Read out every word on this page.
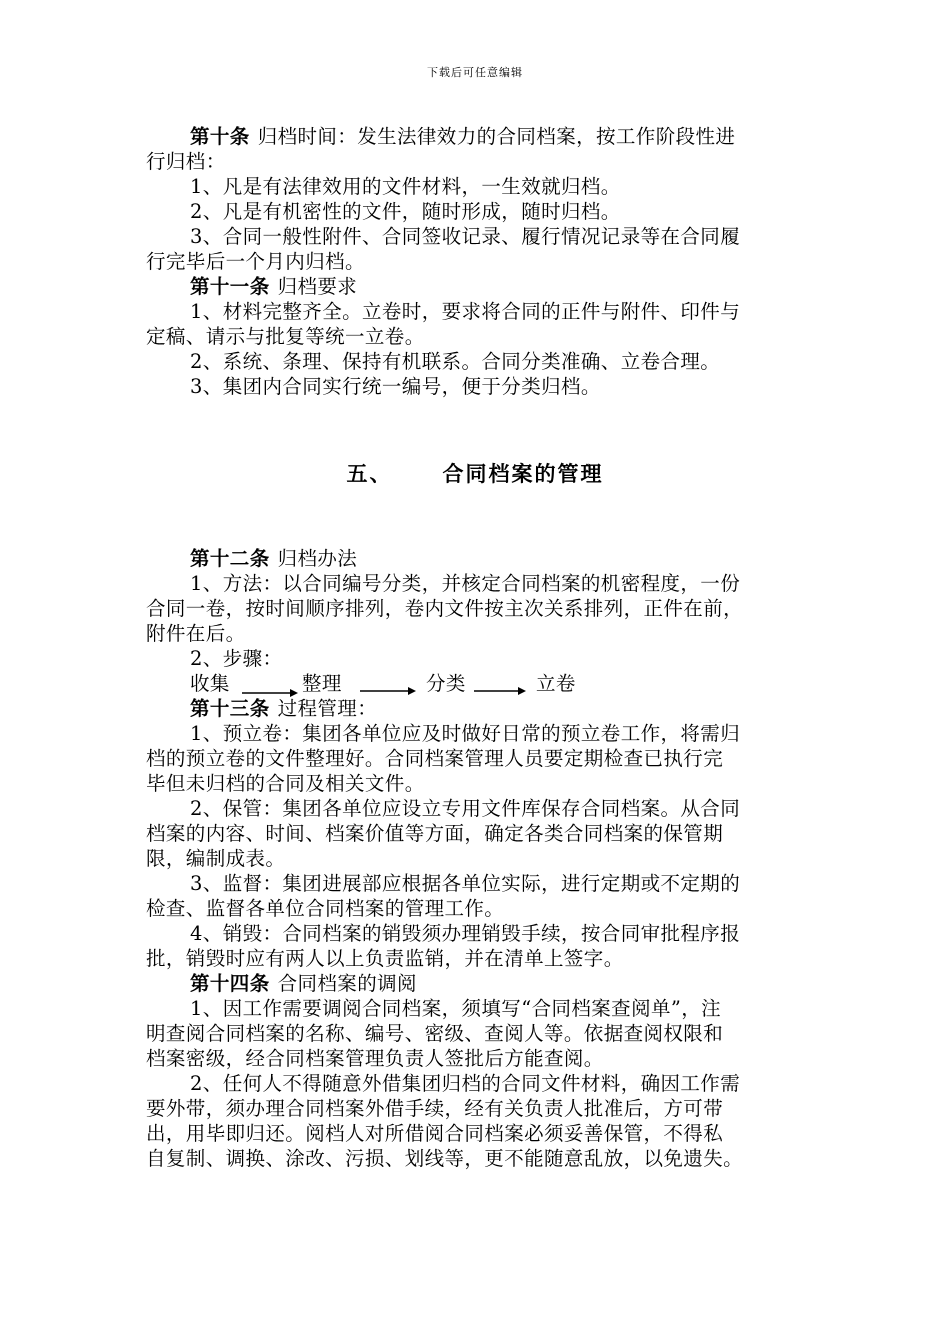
下载后可任意编辑

第十条 归档时间：发生法律效力的合同档案，按工作阶段性进
行归档：

1、凡是有法律效用的文件材料，一生效就归档。

2、凡是有机密性的文件，随时形成，随时归档。

3、合同一般性附件、合同签收记录、履行情况记录等在合同履
行完毕后一个月内归档。

第十一条 归档要求

1、材料完整齐全。立卷时，要求将合同的正件与附件、印件与
定稿、请示与批复等统一立卷。

2、系统、条理、保持有机联系。合同分类准确、立卷合理。

3、集团内合同实行统一编号，便于分类归档。

五、 合同档案的管理

第十二条 归档办法

1、方法：以合同编号分类，并核定合同档案的机密程度，一份
合同一卷，按时间顺序排列，卷内文件按主次关系排列，正件在前，
附件在后。

2、步骤：

收集	整理	分类	立卷

第十三条 过程管理：

1、预立卷：集团各单位应及时做好日常的预立卷工作，将需归
档的预立卷的文件整理好。合同档案管理人员要定期检查已执行完
毕但未归档的合同及相关文件。

2、保管：集团各单位应设立专用文件库保存合同档案。从合同
档案的内容、时间、档案价值等方面，确定各类合同档案的保管期
限，编制成表。

3、监督：集团进展部应根据各单位实际，进行定期或不定期的
检查、监督各单位合同档案的管理工作。

4、销毁：合同档案的销毁须办理销毁手续，按合同审批程序报
批，销毁时应有两人以上负责监销，并在清单上签字。

第十四条 合同档案的调阅

1、因工作需要调阅合同档案，须填写“合同档案查阅单”，注
明查阅合同档案的名称、编号、密级、查阅人等。依据查阅权限和
档案密级，经合同档案管理负责人签批后方能查阅。

2、任何人不得随意外借集团归档的合同文件材料，确因工作需
要外带，须办理合同档案外借手续，经有关负责人批准后，方可带
出，用毕即归还。阅档人对所借阅合同档案必须妥善保管，不得私
自复制、调换、涂改、污损、划线等，更不能随意乱放，以免遗失。
